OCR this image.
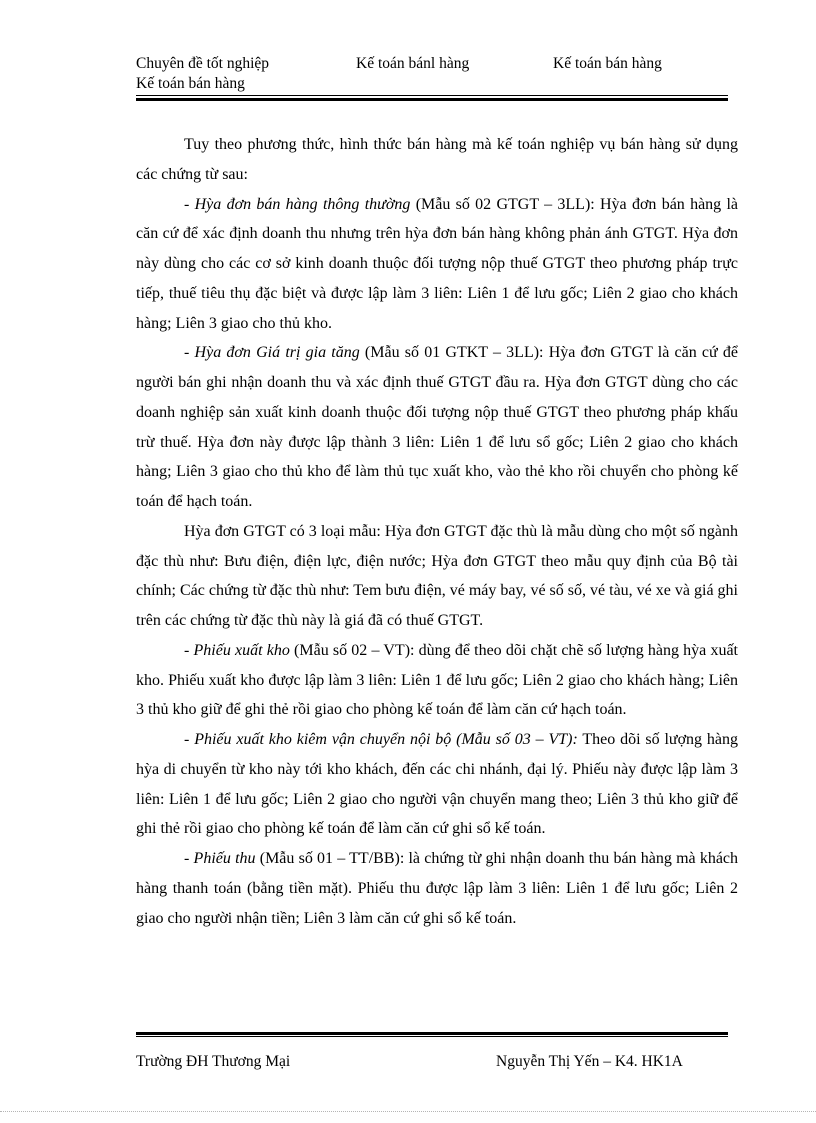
Chuyên đề tốt nghiệp	Kế toán bánl hàng	Kế toán bán hàng
Kế toán bán hàng

Tuy theo phương thức, hình thức bán hàng mà kế toán nghiệp vụ bán hàng sử dụng các chứng từ sau:

- Hỳa đơn bán hàng thông thường (Mẫu số 02 GTGT – 3LL): Hỳa đơn bán hàng là căn cứ để xác định doanh thu nhưng trên hỳa đơn bán hàng không phản ánh GTGT. Hỳa đơn này dùng cho các cơ sở kinh doanh thuộc đối tượng nộp thuế GTGT theo phương pháp trực tiếp, thuế tiêu thụ đặc biệt và được lập làm 3 liên: Liên 1 để lưu gốc; Liên 2 giao cho khách hàng; Liên 3 giao cho thủ kho.

- Hỳa đơn Giá trị gia tăng (Mẫu số 01 GTKT – 3LL): Hỳa đơn GTGT là căn cứ để người bán ghi nhận doanh thu và xác định thuế GTGT đầu ra. Hỳa đơn GTGT dùng cho các doanh nghiệp sản xuất kinh doanh thuộc đối tượng nộp thuế GTGT theo phương pháp khấu trừ thuế. Hỳa đơn này được lập thành 3 liên: Liên 1 để lưu sổ gốc; Liên 2 giao cho khách hàng; Liên 3 giao cho thủ kho để làm thủ tục xuất kho, vào thẻ kho rồi chuyển cho phòng kế toán để hạch toán.

Hỳa đơn GTGT có 3 loại mẫu: Hỳa đơn GTGT đặc thù là mẫu dùng cho một số ngành đặc thù như: Bưu điện, điện lực, điện nước; Hỳa đơn GTGT theo mẫu quy định của Bộ tài chính; Các chứng từ đặc thù như: Tem bưu điện, vé máy bay, vé số số, vé tàu, vé xe và giá ghi trên các chứng từ đặc thù này là giá đã có thuế GTGT.

- Phiếu xuất kho (Mẫu số 02 – VT): dùng để theo dõi chặt chẽ số lượng hàng hỳa xuất kho. Phiếu xuất kho được lập làm 3 liên: Liên 1 để lưu gốc; Liên 2 giao cho khách hàng; Liên 3 thủ kho giữ để ghi thẻ rồi giao cho phòng kế toán để làm căn cứ hạch toán.

- Phiếu xuất kho kiêm vận chuyển nội bộ (Mẫu số 03 – VT): Theo dõi số lượng hàng hỳa di chuyển từ kho này tới kho khách, đến các chi nhánh, đại lý. Phiếu này được lập làm 3 liên: Liên 1 để lưu gốc; Liên 2 giao cho người vận chuyển mang theo; Liên 3 thủ kho giữ để ghi thẻ rồi giao cho phòng kế toán để làm căn cứ ghi sổ kế toán.

- Phiếu thu (Mẫu số 01 – TT/BB): là chứng từ ghi nhận doanh thu bán hàng mà khách hàng thanh toán (bằng tiền mặt). Phiếu thu được lập làm 3 liên: Liên 1 để lưu gốc; Liên 2 giao cho người nhận tiền; Liên 3 làm căn cứ ghi sổ kế toán.

Trường ĐH Thương Mại	Nguyễn Thị Yến – K4. HK1A
